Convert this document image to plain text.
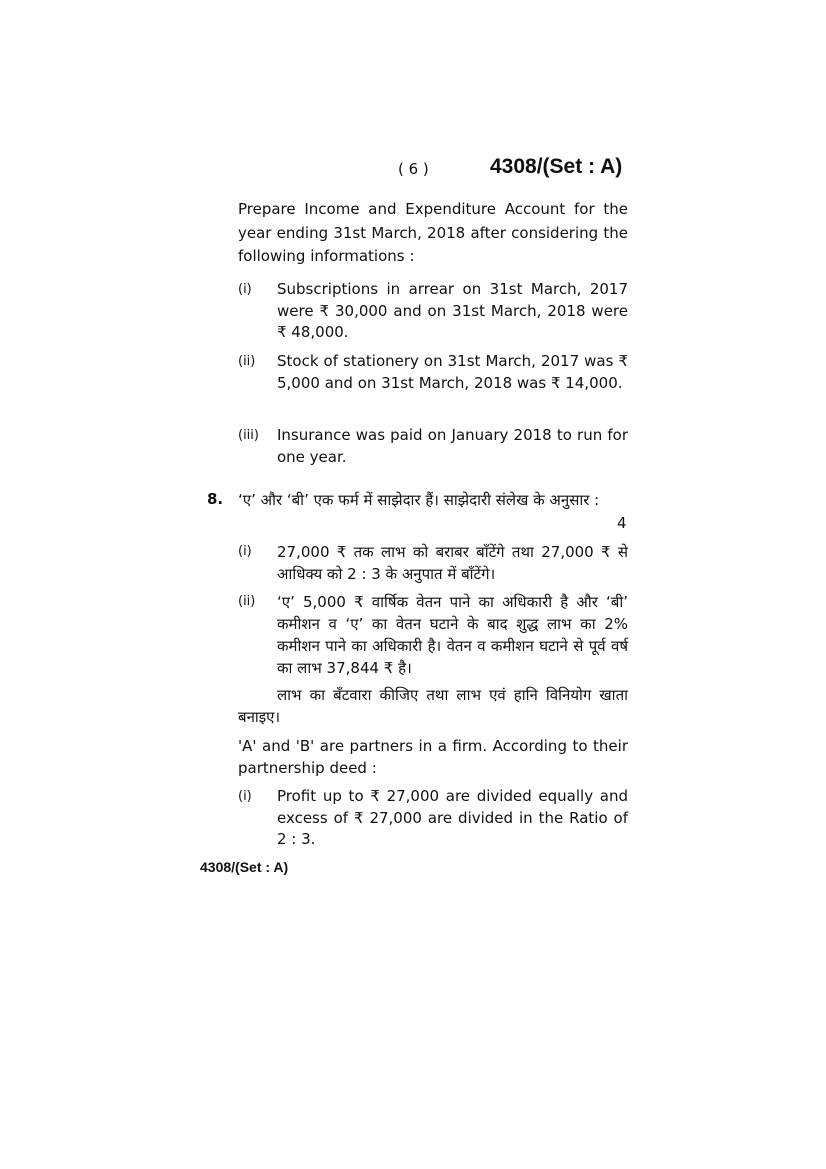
( 6 )	4308/(Set : A)
Prepare Income and Expenditure Account for the year ending 31st March, 2018 after considering the following informations :
(i) Subscriptions in arrear on 31st March, 2017 were ₹ 30,000 and on 31st March, 2018 were ₹ 48,000.
(ii) Stock of stationery on 31st March, 2017 was ₹ 5,000 and on 31st March, 2018 was ₹ 14,000.
(iii) Insurance was paid on January 2018 to run for one year.
8. ‘ए’ और ‘बी’ एक फर्म में साझेदार हैं। साझेदारी संलेख के अनुसार :
4
(i) 27,000 ₹ तक लाभ को बराबर बाँटेंगे तथा 27,000 ₹ से आधिक्य को 2 : 3 के अनुपात में बाँटेंगे।
(ii) ‘ए’ 5,000 ₹ वार्षिक वेतन पाने का अधिकारी है और ‘बी’ कमीशन व ‘ए’ का वेतन घटाने के बाद शुद्ध लाभ का 2% कमीशन पाने का अधिकारी है। वेतन व कमीशन घटाने से पूर्व वर्ष का लाभ 37,844 ₹ है।
लाभ का बँटवारा कीजिए तथा लाभ एवं हानि विनियोग खाता बनाइए।
'A' and 'B' are partners in a firm. According to their partnership deed :
(i) Profit up to ₹ 27,000 are divided equally and excess of ₹ 27,000 are divided in the Ratio of 2 : 3.
4308/(Set : A)
